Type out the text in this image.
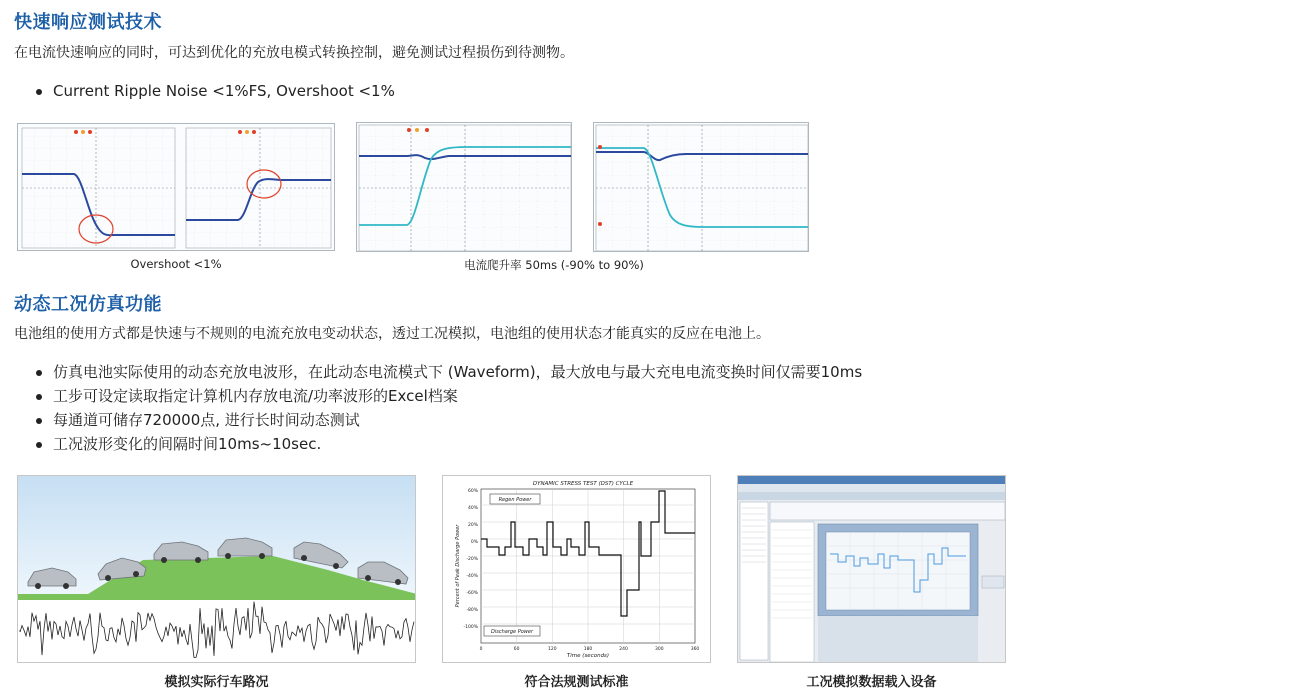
快速响应测试技术
在电流快速响应的同时，可达到优化的充放电模式转换控制，避免测试过程损伤到待测物。
Current Ripple Noise <1%FS, Overshoot <1%
Overshoot <1%	电流爬升率 50ms (-90% to 90%)
动态工况仿真功能
电池组的使用方式都是快速与不规则的电流充放电变动状态，透过工况模拟，电池组的使用状态才能真实的反应在电池上。
仿真电池实际使用的动态充放电波形，在此动态电流模式下 (Waveform)，最大放电与最大充电电流变换时间仅需要10ms
工步可设定读取指定计算机内存放电流/功率波形的Excel档案
每通道可储存720000点, 进行长时间动态测试
工况波形变化的间隔时间10ms~10sec.
模拟实际行车路况
DYNAMIC STRESS TEST (DST) CYCLE
60%
40%
20%
0%
-20%
-40%
-60%
-80%
-100%
0	60	120	180	240	300	360
Time (seconds)
Percent of Peak Discharge Power
Regen Power
Discharge Power
符合法规测试标准	工况模拟数据载入设备
